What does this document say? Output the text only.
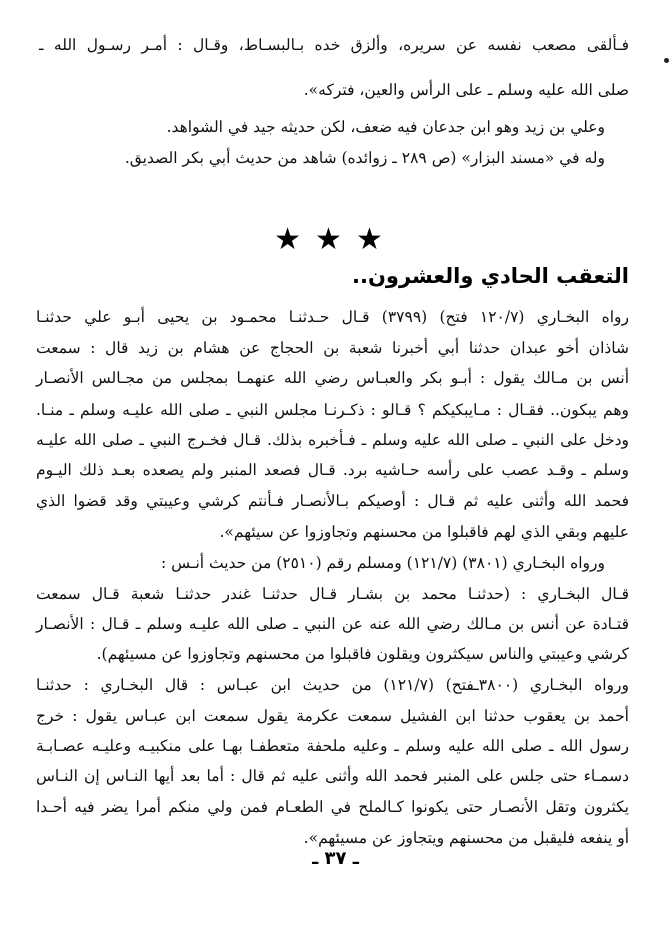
فـألقى مصعب نفسه عن سريره، وألزق خده بـالبسـاط، وقـال : أمـر رسـول الله ـ
صلى الله عليه وسلم ـ على الرأس والعين، فتركه».
وعلي بن زيد وهو ابن جدعان فيه ضعف، لكن حديثه جيد في الشواهد.
وله في «مسند البزار» (ص ٢٨٩ ـ زوائده) شاهد من حديث أبي بكر الصديق.
★★★
التعقب الحادي والعشرون..
رواه البخـاري (١٢٠/٧ فتح) (٣٧٩٩) قـال حـدثنـا محمـود بن يحيى أبـو علي حدثنـا
شاذان أخو عبدان حدثنا أبي أخبرنا شعبة بن الحجاج عن هشام بن زيد قال : سمعت
أنس بن مـالك يقول : أبـو بكر والعبـاس رضي الله عنهمـا بمجلس من مجـالس الأنصـار
وهم يبكون.. فقـال : مـايبكيكم ؟ قـالو : ذكـرنـا مجلس النبي ـ صلى الله عليـه وسلم ـ منـا.
ودخل على النبي ـ صلى الله عليه وسلم ـ فـأخبره بذلك. قـال فخـرج النبي ـ صلى الله عليـه
وسلم ـ وقـد عصب على رأسه حـاشيه برد. قـال فصعد المنبر ولم يصعده بعـد ذلك اليـوم
فحمد الله وأثنى عليه ثم قـال : أوصيكم بـالأنصـار فـأنتم كرشي وعيبتي وقد قضوا الذي
عليهم وبقي الذي لهم فاقبلوا من محسنهم وتجاوزوا عن سيئهم».
ورواه البخـاري (٣٨٠١) (١٢١/٧) ومسلم رقم (٢٥١٠) من حديث أنـس :
قـال البخـاري : (حدثنـا محمد بن بشـار قـال حدثنـا غندر حدثنـا شعبة قـال سمعت
قتـادة عن أنس بن مـالك رضي الله عنه عن النبي ـ صلى الله عليـه وسلم ـ قـال : الأنصـار
كرشي وعيبتي والناس سيكثرون ويقلون فاقبلوا من محسنهم وتجاوزوا عن مسيئهم).
ورواه البخـاري (٣٨٠٠ـفتح) (١٢١/٧) من حديث ابن عبـاس : قال البخـاري : حدثنـا
أحمد بن يعقوب حدثنا ابن الفشيل سمعت عكرمة يقول سمعت ابن عبـاس يقول : خرج
رسول الله ـ صلى الله عليه وسلم ـ وعليه ملحفة متعطفـا بهـا على منكبيـه وعليـه عصـابـة
دسمـاء حتى جلس على المنبر فحمد الله وأثنى عليه ثم قال : أما بعد أيها النـاس إن النـاس
يكثرون وتقل الأنصـار حتى يكونوا كـالملح في الطعـام فمن ولي منكم أمرا يضر فيه أحـدا
أو ينفعه فليقبل من محسنهم ويتجاوز عن مسيئهم».
ـ ٣٧ ـ
